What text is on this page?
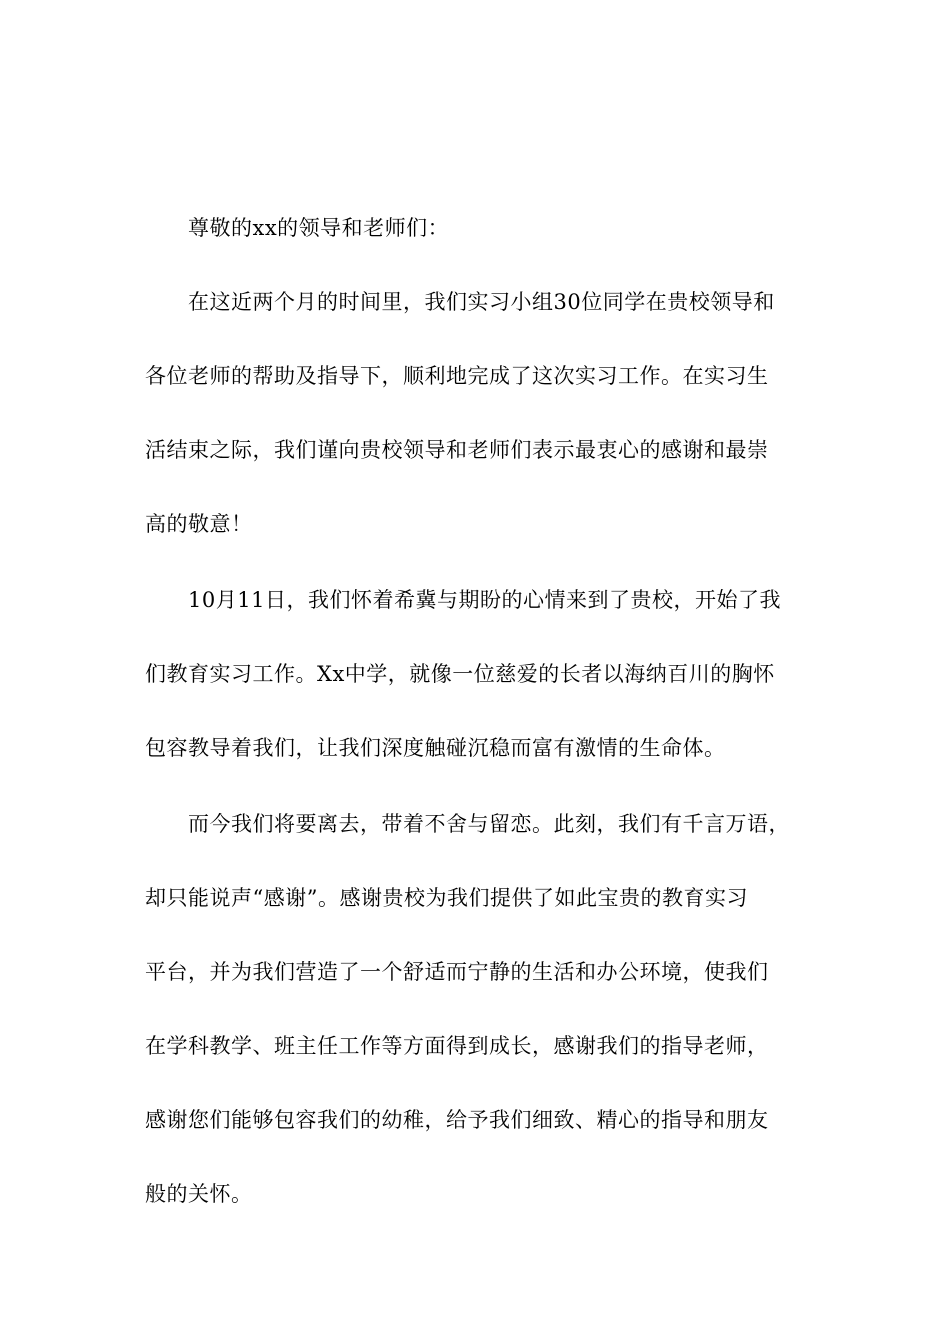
尊敬的xx的领导和老师们：
在这近两个月的时间里，我们实习小组30位同学在贵校领导和
各位老师的帮助及指导下，顺利地完成了这次实习工作。在实习生
活结束之际，我们谨向贵校领导和老师们表示最衷心的感谢和最崇
高的敬意！
10月11日，我们怀着希冀与期盼的心情来到了贵校，开始了我
们教育实习工作。Xx中学，就像一位慈爱的长者以海纳百川的胸怀
包容教导着我们，让我们深度触碰沉稳而富有激情的生命体。
而今我们将要离去，带着不舍与留恋。此刻，我们有千言万语，
却只能说声“感谢”。感谢贵校为我们提供了如此宝贵的教育实习
平台，并为我们营造了一个舒适而宁静的生活和办公环境，使我们
在学科教学、班主任工作等方面得到成长，感谢我们的指导老师，
感谢您们能够包容我们的幼稚，给予我们细致、精心的指导和朋友
般的关怀。
